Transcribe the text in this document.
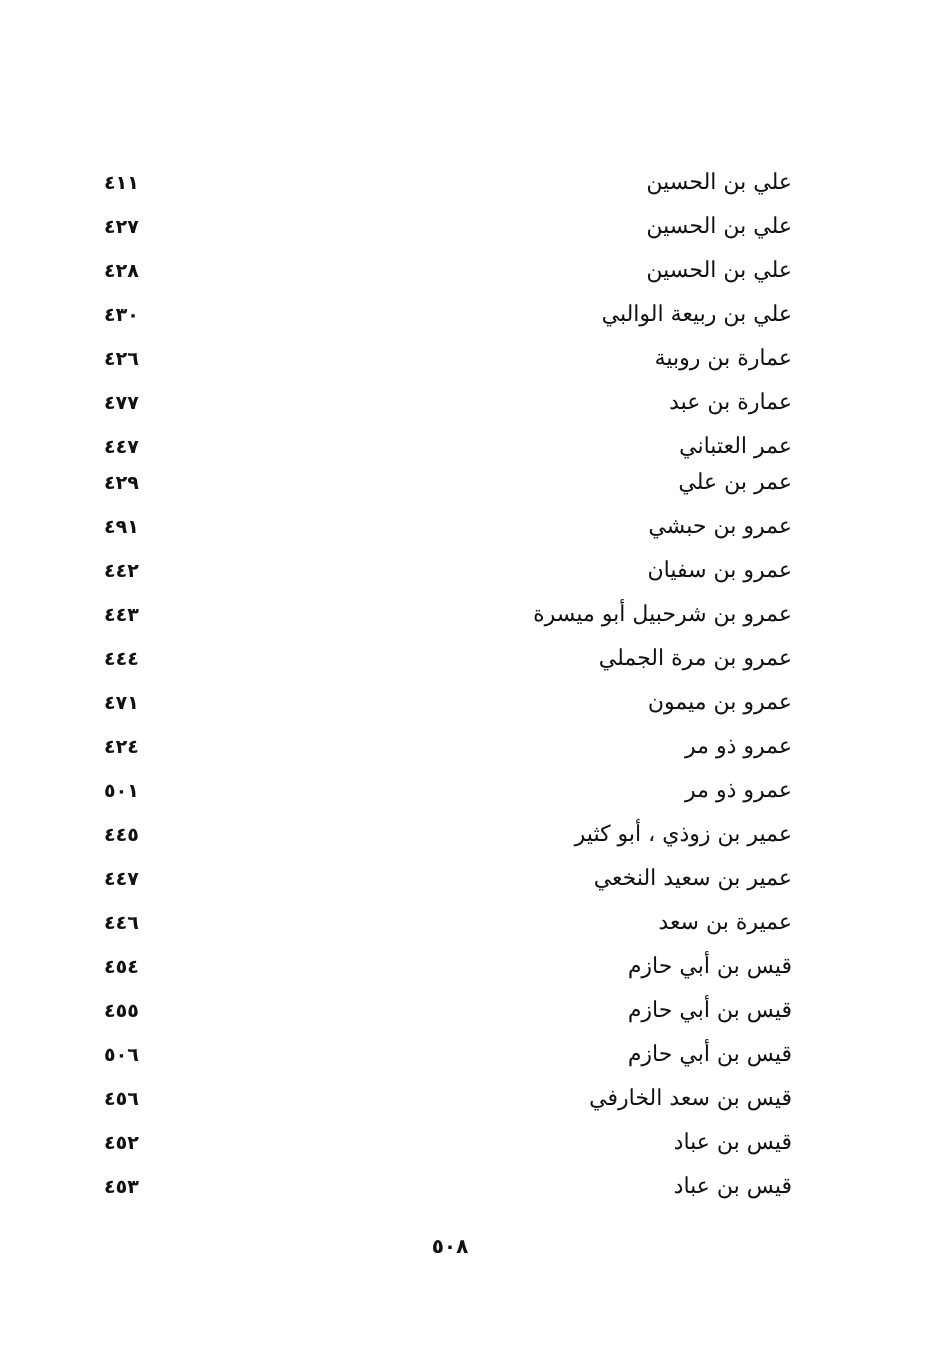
علي بن الحسين
٤١١
علي بن الحسين
٤٢٧
علي بن الحسين
٤٢٨
علي بن ربيعة الوالبي
٤٣٠
عمارة بن روبية
٤٢٦
عمارة بن عبد
٤٧٧
عمر العتباني
٤٤٧
عمر بن علي
٤٢٩
عمرو بن حبشي
٤٩١
عمرو بن سفيان
٤٤٢
عمرو بن شرحبيل أبو ميسرة
٤٤٣
عمرو بن مرة الجملي
٤٤٤
عمرو بن ميمون
٤٧١
عمرو ذو مر
٤٢٤
عمرو ذو مر
٥٠١
عمير بن زوذي ، أبو كثير
٤٤٥
عمير بن سعيد النخعي
٤٤٧
عميرة بن سعد
٤٤٦
قيس بن أبي حازم
٤٥٤
قيس بن أبي حازم
٤٥٥
قيس بن أبي حازم
٥٠٦
قيس بن سعد الخارفي
٤٥٦
قيس بن عباد
٤٥٢
قيس بن عباد
٤٥٣
٥٠٨
